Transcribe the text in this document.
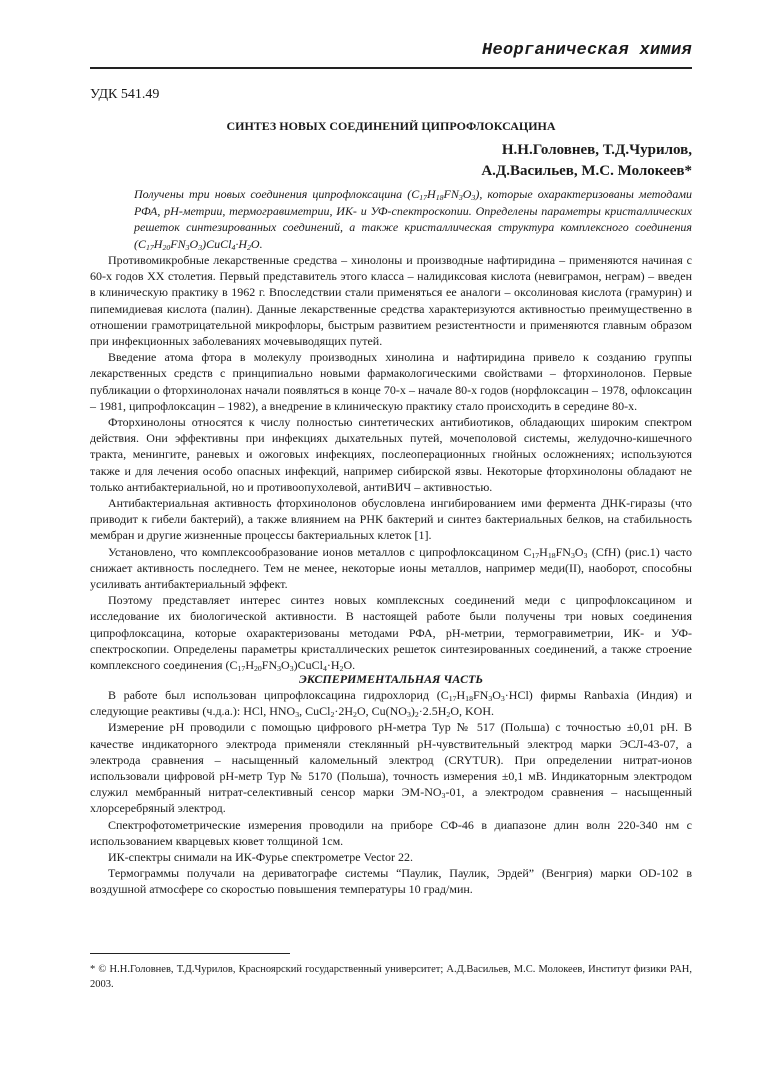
Неорганическая химия
УДК 541.49
СИНТЕЗ НОВЫХ СОЕДИНЕНИЙ ЦИПРОФЛОКСАЦИНА
Н.Н.Головнев, Т.Д.Чурилов,
А.Д.Васильев, М.С. Молокеев*
Получены три новых соединения ципрофлоксацина $(C_{17}H_{18}FN_3O_3)$, которые охарактеризованы методами РФА, pH-метрии, термогравиметрии, ИК- и УФ-спектроскопии. Определены параметры кристаллических решеток синтезированных соединений, а также кристаллическая структура комплексного соединения $(C_{17}H_{20}FN_3O_3)CuCl_4\cdot H_2O$.

Противомикробные лекарственные средства – хинолоны и производные нафтиридина – применяются начиная с 60-х годов XX столетия. Первый представитель этого класса – налидиксовая кислота (невиграмон, неграм) – введен в клиническую практику в 1962 г. Впоследствии стали применяться ее аналоги – оксолиновая кислота (грамурин) и пипемидиевая кислота (палин). Данные лекарственные средства характеризуются активностью преимущественно в отношении грамотрицательной микрофлоры, быстрым развитием резистентности и применяются главным образом при инфекционных заболеваниях мочевыводящих путей.

Введение атома фтора в молекулу производных хинолина и нафтиридина привело к созданию группы лекарственных средств с принципиально новыми фармакологическими свойствами – фторхинолонов. Первые публикации о фторхинолонах начали появляться в конце 70-х – начале 80-х годов (норфлоксацин – 1978, офлоксацин – 1981, ципрофлоксацин – 1982), а внедрение в клиническую практику стало происходить в середине 80-х.

Фторхинолоны относятся к числу полностью синтетических антибиотиков, обладающих широким спектром действия. Они эффективны при инфекциях дыхательных путей, мочеполовой системы, желудочно-кишечного тракта, менингите, раневых и ожоговых инфекциях, послеоперационных гнойных осложнениях; используются также и для лечения особо опасных инфекций, например сибирской язвы. Некоторые фторхинолоны обладают не только антибактериальной, но и противоопухолевой, антиВИЧ – активностью.

Антибактериальная активность фторхинолонов обусловлена ингибированием ими фермента ДНК-гиразы (что приводит к гибели бактерий), а также влиянием на РНК бактерий и синтез бактериальных белков, на стабильность мембран и другие жизненные процессы бактериальных клеток [1].

Установлено, что комплексообразование ионов металлов с ципрофлоксацином $C_{17}H_{18}FN_3O_3$ (CfH) (рис.1) часто снижает активность последнего. Тем не менее, некоторые ионы металлов, например меди(II), наоборот, способны усиливать антибактериальный эффект.

Поэтому представляет интерес синтез новых комплексных соединений меди с ципрофлоксацином и исследование их биологической активности. В настоящей работе были получены три новых соединения ципрофлоксацина, которые охарактеризованы методами РФА, pH-метрии, термогравиметрии, ИК- и УФ-спектроскопии. Определены параметры кристаллических решеток синтезированных соединений, а также строение комплексного соединения $(C_{17}H_{20}FN_3O_3)CuCl_4\cdot H_2O$.

ЭКСПЕРИМЕНТАЛЬНАЯ ЧАСТЬ

В работе был использован ципрофлоксацина гидрохлорид $(C_{17}H_{18}FN_3O_3\cdot HCl)$ фирмы Ranbaxia (Индия) и следующие реактивы (ч.д.а.): HCl, $HNO_3$, $CuCl_2\cdot 2H_2O$, $Cu(NO_3)_2\cdot 2.5H_2O$, KOH.

Измерение pH проводили с помощью цифрового pH-метра Typ № 517 (Польша) с точностью ±0,01 pH. В качестве индикаторного электрода применяли стеклянный pH-чувствительный электрод марки ЭСЛ-43-07, а электрода сравнения – насыщенный каломельный электрод (CRYTUR). При определении нитрат-ионов использовали цифровой pH-метр Typ № 5170 (Польша), точность измерения ±0,1 мВ. Индикаторным электродом служил мембранный нитрат-селективный сенсор марки $ЭМ-NO_3-01$, а электродом сравнения – насыщенный хлорсеребряный электрод.

Спектрофотометрические измерения проводили на приборе СФ-46 в диапазоне длин волн 220-340 нм с использованием кварцевых кювет толщиной 1см.

ИК-спектры снимали на ИК-Фурье спектрометре Vector 22.

Термограммы получали на дериватографе системы “Паулик, Паулик, Эрдей” (Венгрия) марки OD-102 в воздушной атмосфере со скоростью повышения температуры 10 град/мин.

* © Н.Н.Головнев, Т.Д.Чурилов, Красноярский государственный университет; А.Д.Васильев, М.С. Молокеев, Институт физики РАН, 2003.
